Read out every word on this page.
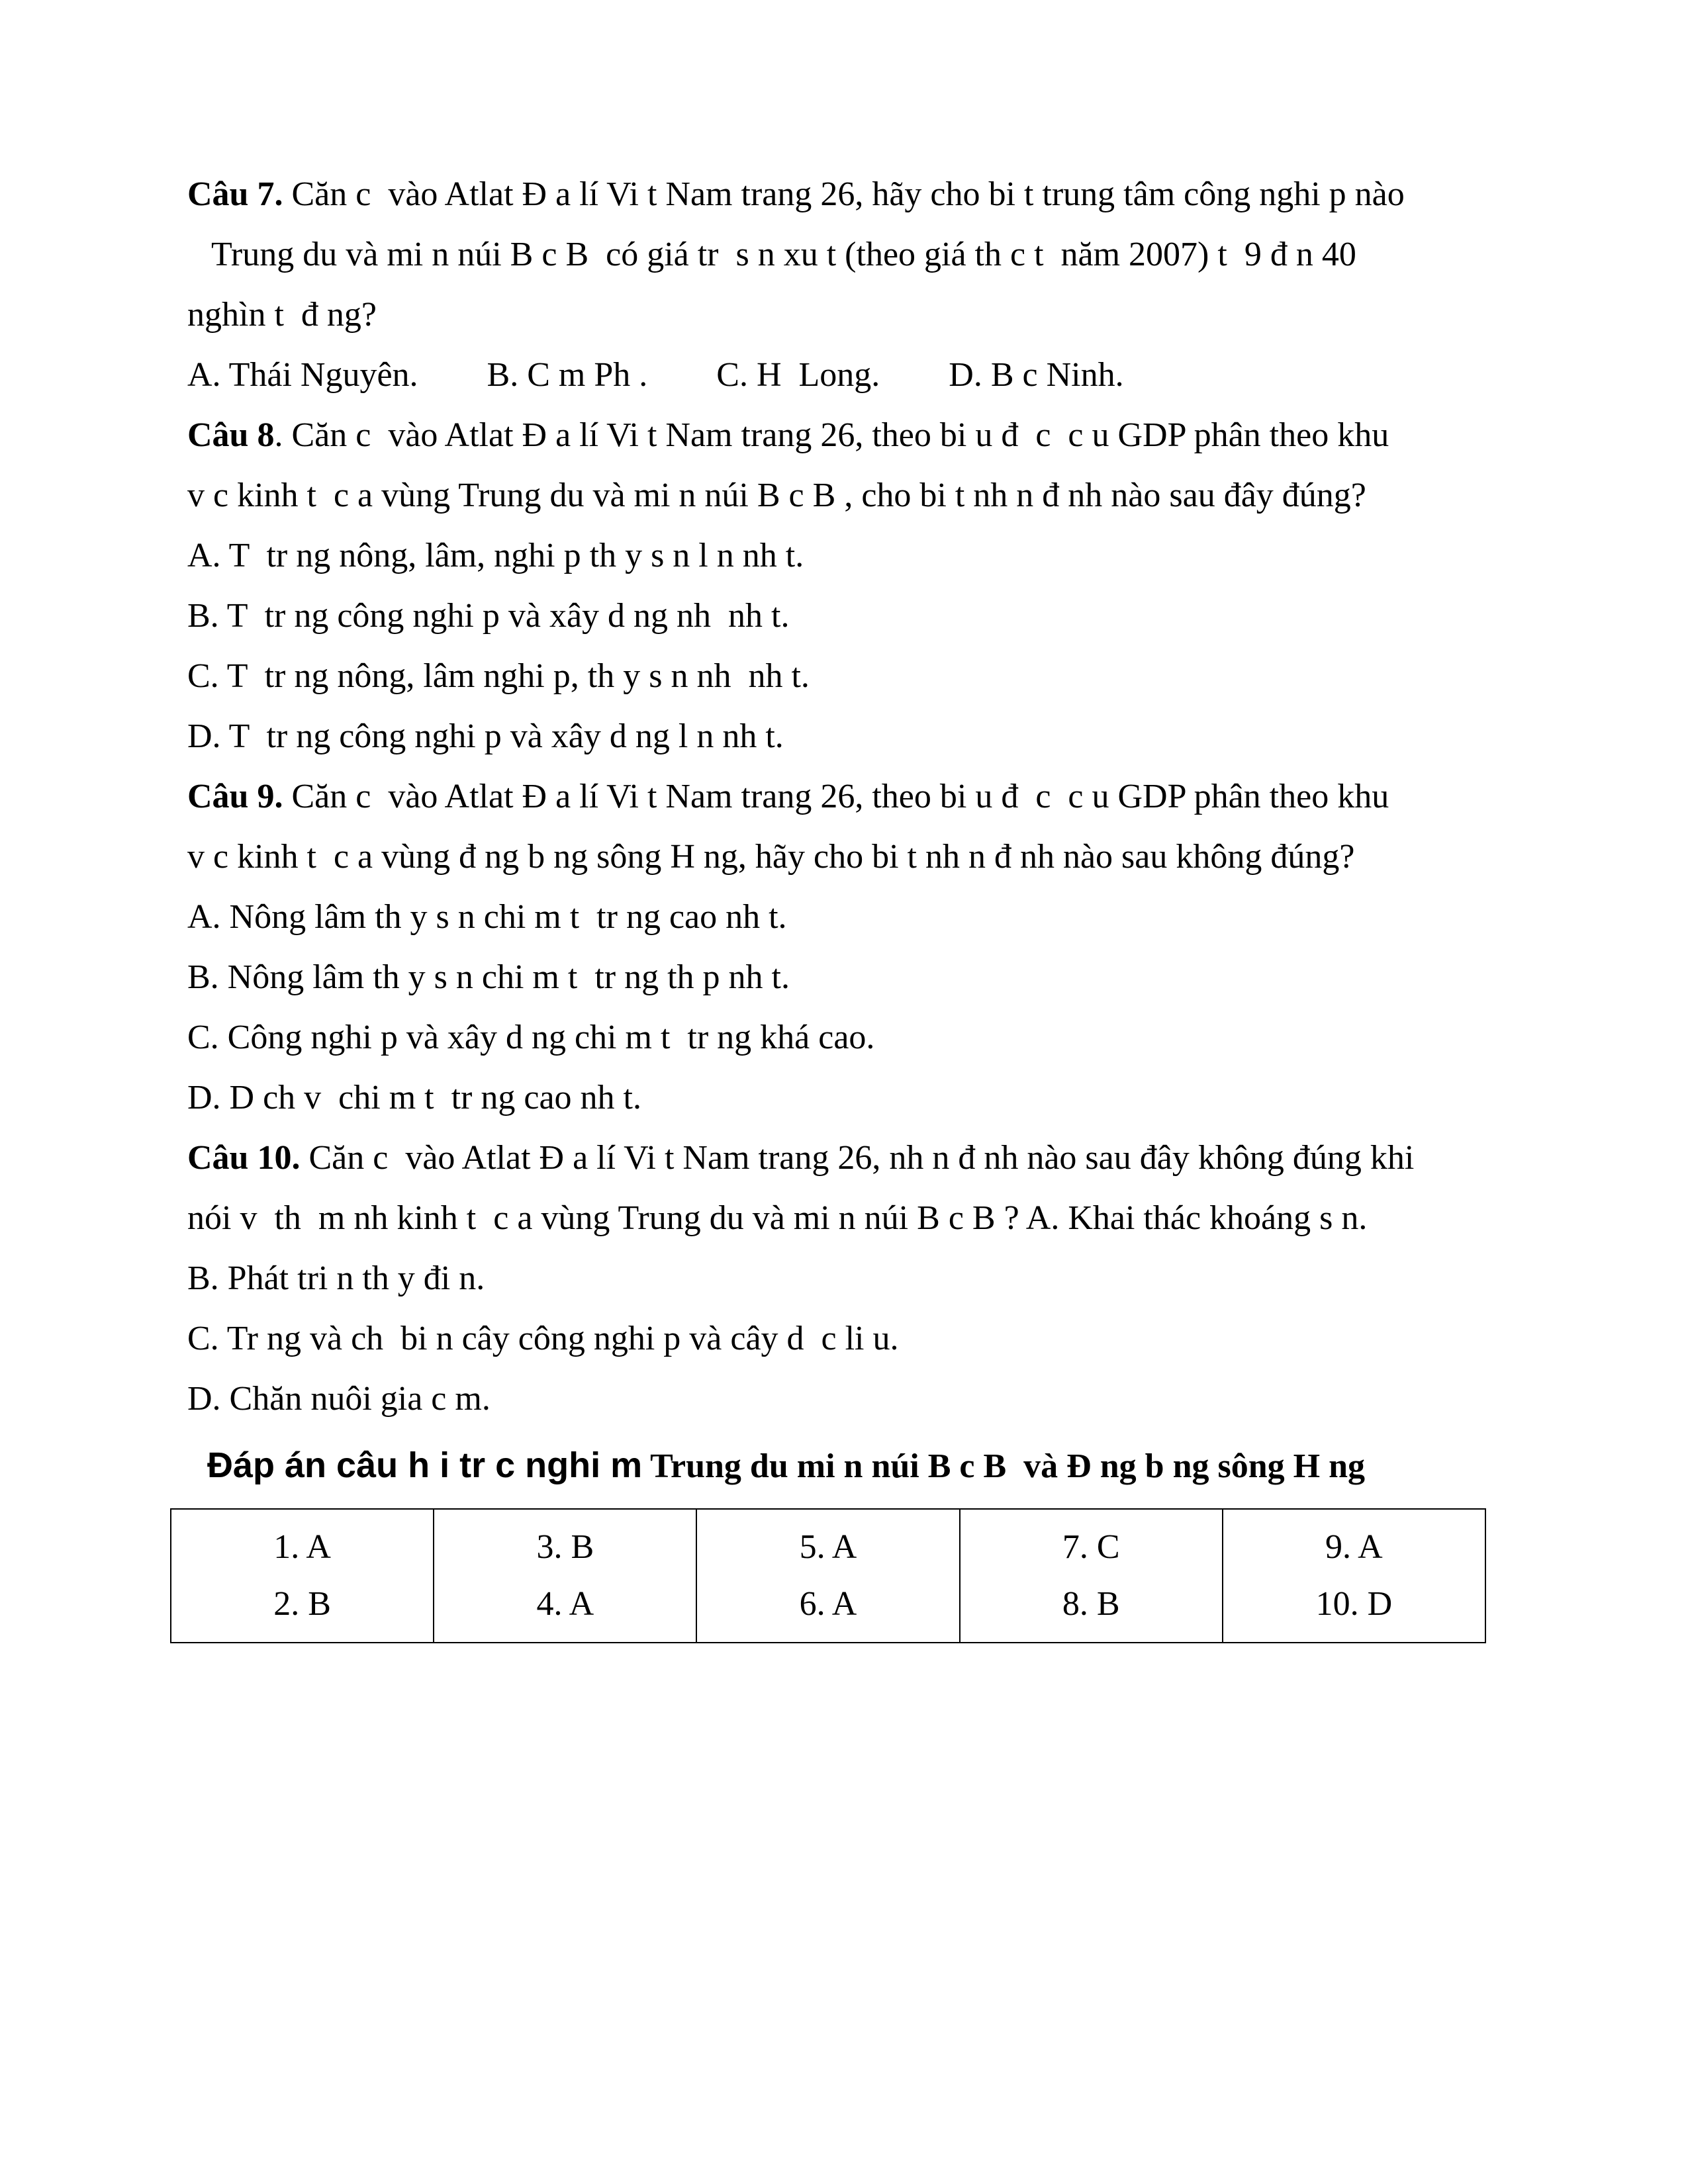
Câu 7. Căn c  vào Atlat Đ a lí Vi t Nam trang 26, hãy cho bi t trung tâm công nghi p nào

Trung du và mi n núi B c B  có giá tr  s n xu t (theo giá th c t  năm 2007) t  9 đ n 40

nghìn t  đ ng?

A. Thái Nguyên.        B. C m Ph .        C. H  Long.        D. B c Ninh.

Câu 8. Căn c  vào Atlat Đ a lí Vi t Nam trang 26, theo bi u đ  c  c u GDP phân theo khu

v c kinh t  c a vùng Trung du và mi n núi B c B , cho bi t nh n đ nh nào sau đây đúng?

A. T  tr ng nông, lâm, nghi p th y s n l n nh t.

B. T  tr ng công nghi p và xây d ng nh  nh t.

C. T  tr ng nông, lâm nghi p, th y s n nh  nh t.

D. T  tr ng công nghi p và xây d ng l n nh t.

Câu 9. Căn c  vào Atlat Đ a lí Vi t Nam trang 26, theo bi u đ  c  c u GDP phân theo khu

v c kinh t  c a vùng đ ng b ng sông H ng, hãy cho bi t nh n đ nh nào sau không đúng?

A. Nông lâm th y s n chi m t  tr ng cao nh t.

B. Nông lâm th y s n chi m t  tr ng th p nh t.

C. Công nghi p và xây d ng chi m t  tr ng khá cao.

D. D ch v  chi m t  tr ng cao nh t.

Câu 10. Căn c  vào Atlat Đ a lí Vi t Nam trang 26, nh n đ nh nào sau đây không đúng khi

nói v  th  m nh kinh t  c a vùng Trung du và mi n núi B c B ? A. Khai thác khoáng s n.

B. Phát tri n th y đi n.

C. Tr ng và ch  bi n cây công nghi p và cây d  c li u.

D. Chăn nuôi gia c m.

Đáp án câu h i tr c nghi m Trung du mi n núi B c B  và Đ ng b ng sông H ng

1. A
2. B

3. B
4. A

5. A
6. A

7. C
8. B

9. A
10. D
